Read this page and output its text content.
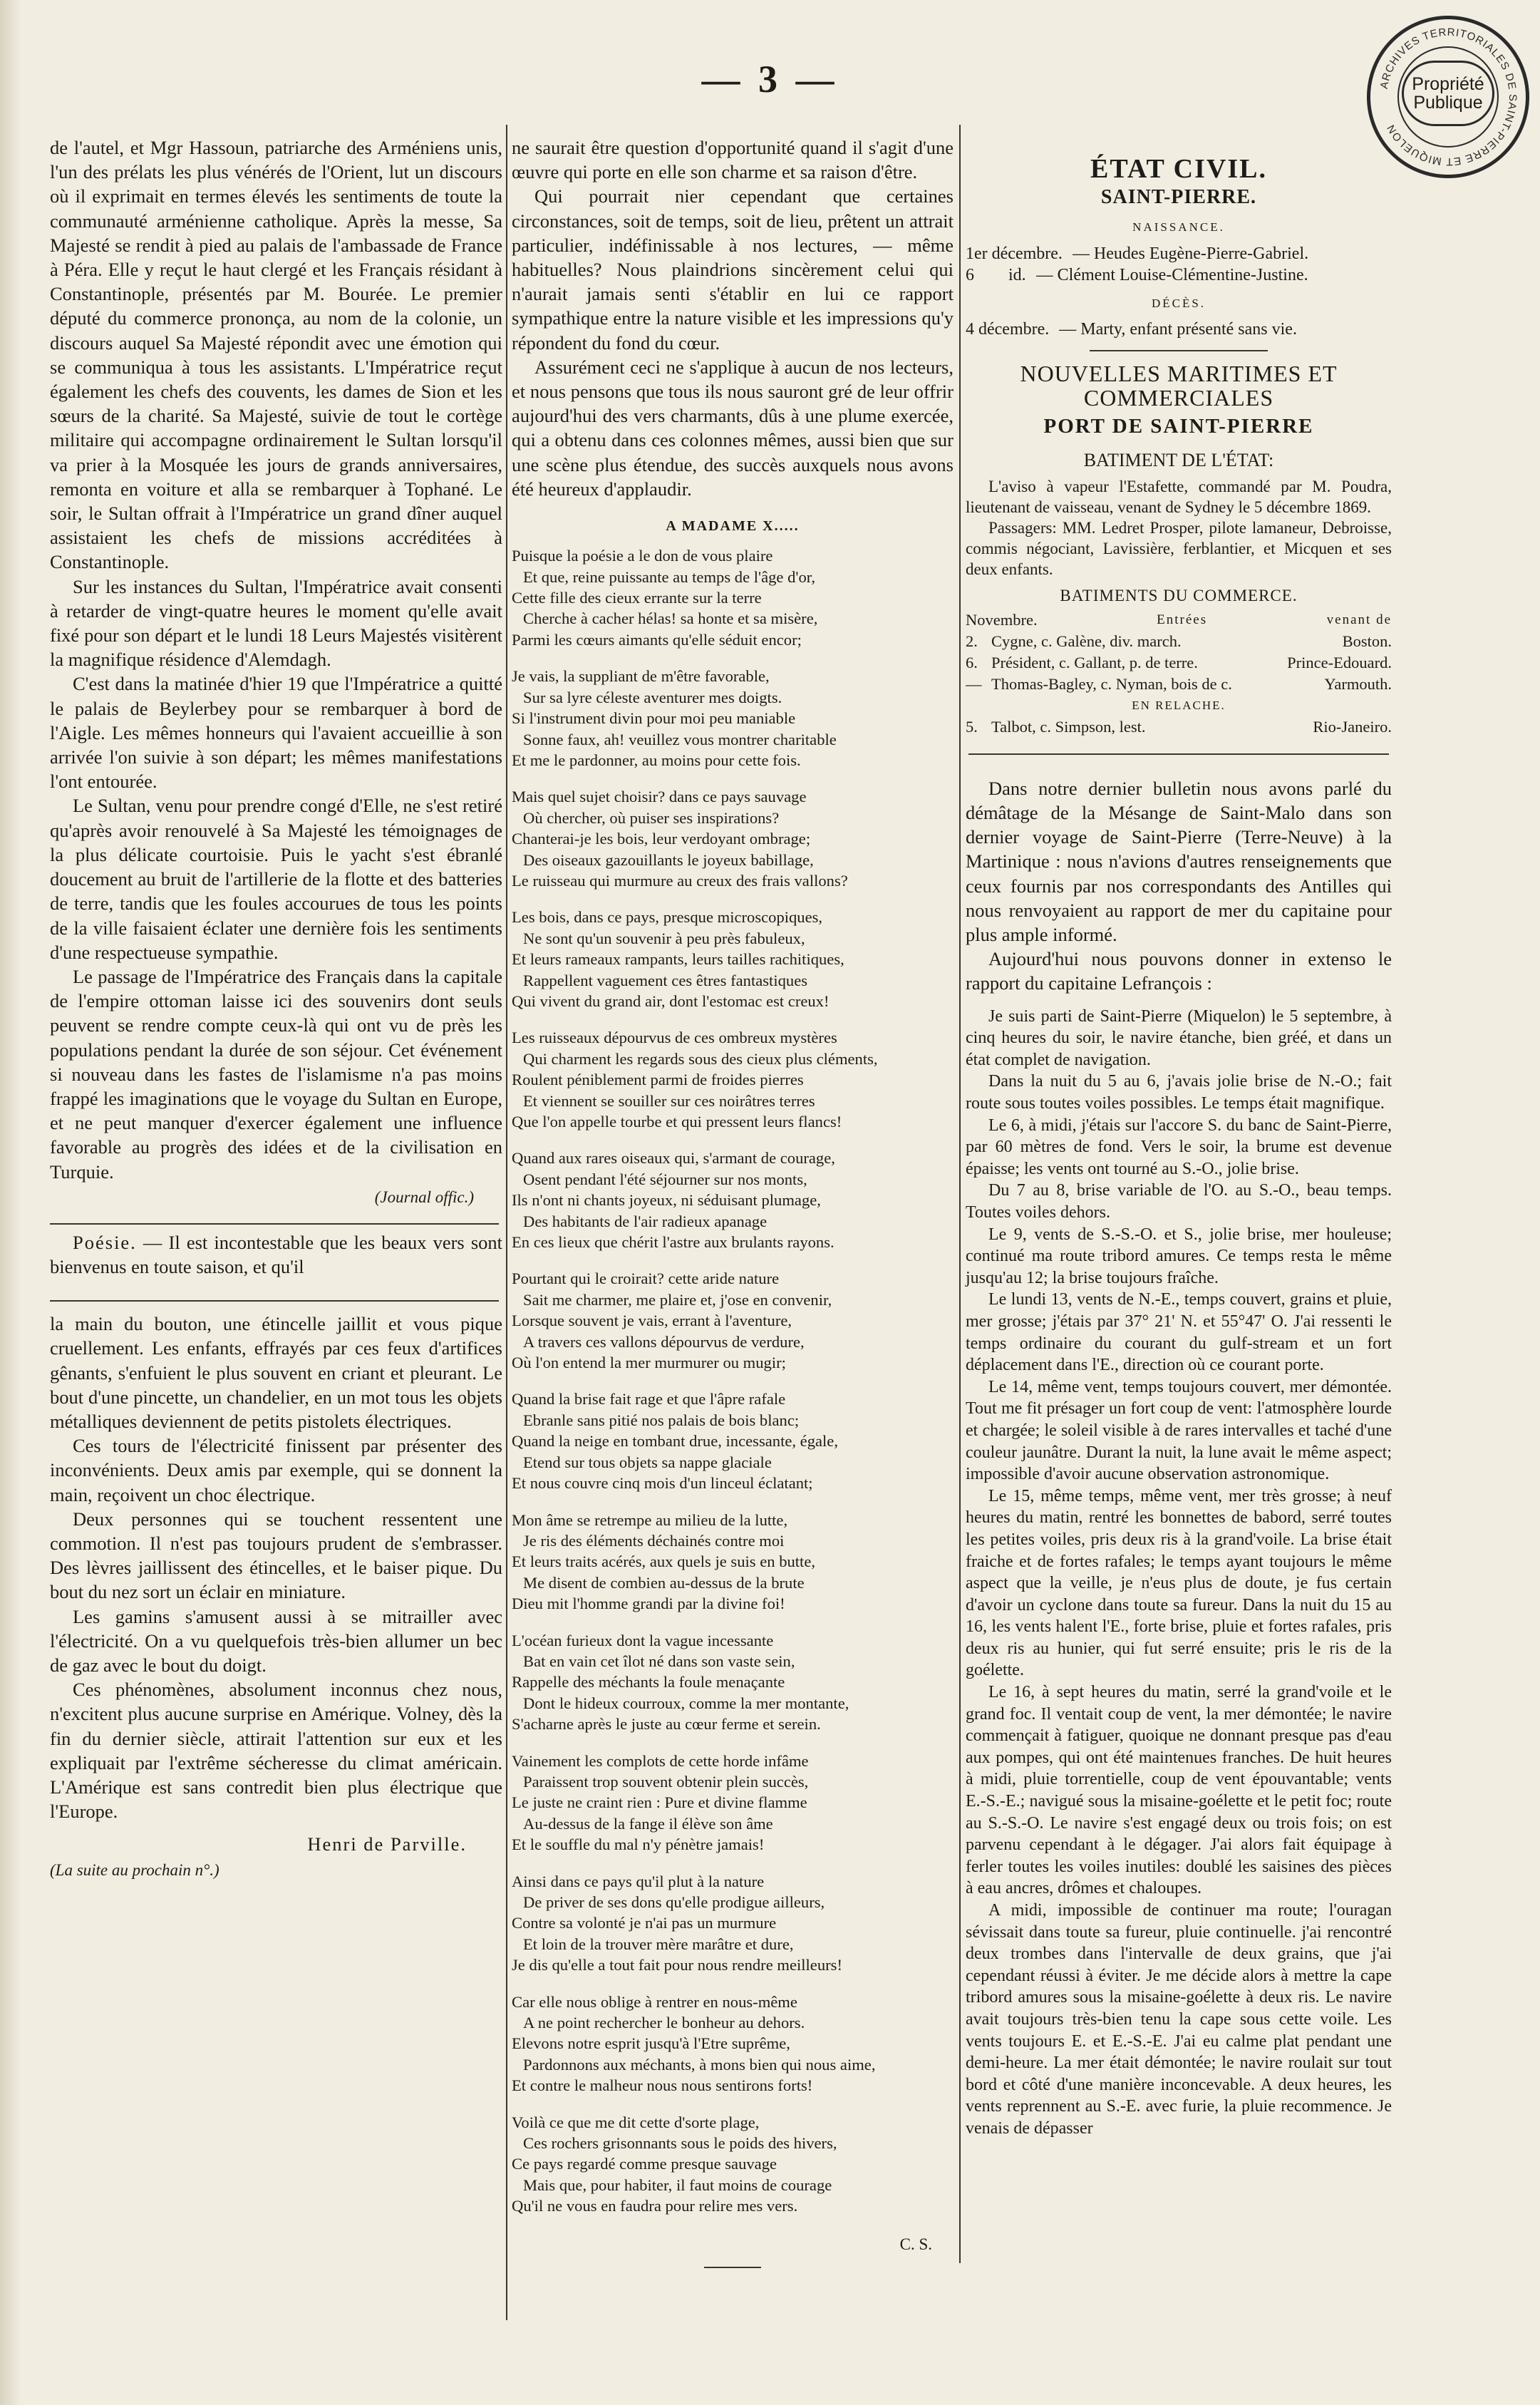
— 3 —	ARCHIVES TERRITORIALES DE SAINT-PIERRE ET MIQUELON
Propriété
Publique

de l'autel, et Mgr Hassoun, patriarche des Arméniens unis, l'un des prélats les plus vénérés de l'Orient, lut un discours où il exprimait en termes élevés les sentiments de toute la communauté arménienne catholique. Après la messe, Sa Majesté se rendit à pied au palais de l'ambassade de France à Péra. Elle y reçut le haut clergé et les Français résidant à Constantinople, présentés par M. Bourée. Le premier député du commerce prononça, au nom de la colonie, un discours auquel Sa Majesté répondit avec une émotion qui se communiqua à tous les assistants. L'Impératrice reçut également les chefs des couvents, les dames de Sion et les sœurs de la charité. Sa Majesté, suivie de tout le cortège militaire qui accompagne ordinairement le Sultan lorsqu'il va prier à la Mosquée les jours de grands anniversaires, remonta en voiture et alla se rembarquer à Tophané. Le soir, le Sultan offrait à l'Impératrice un grand dîner auquel assistaient les chefs de missions accréditées à Constantinople.

Sur les instances du Sultan, l'Impératrice avait consenti à retarder de vingt-quatre heures le moment qu'elle avait fixé pour son départ et le lundi 18 Leurs Majestés visitèrent la magnifique résidence d'Alemdagh.

C'est dans la matinée d'hier 19 que l'Impératrice a quitté le palais de Beylerbey pour se rembarquer à bord de l'Aigle. Les mêmes honneurs qui l'avaient accueillie à son arrivée l'on suivie à son départ; les mêmes manifestations l'ont entourée.

Le Sultan, venu pour prendre congé d'Elle, ne s'est retiré qu'après avoir renouvelé à Sa Majesté les témoignages de la plus délicate courtoisie. Puis le yacht s'est ébranlé doucement au bruit de l'artillerie de la flotte et des batteries de terre, tandis que les foules accourues de tous les points de la ville faisaient éclater une dernière fois les sentiments d'une respectueuse sympathie.

Le passage de l'Impératrice des Français dans la capitale de l'empire ottoman laisse ici des souvenirs dont seuls peuvent se rendre compte ceux-là qui ont vu de près les populations pendant la durée de son séjour. Cet événement si nouveau dans les fastes de l'islamisme n'a pas moins frappé les imaginations que le voyage du Sultan en Europe, et ne peut manquer d'exercer également une influence favorable au progrès des idées et de la civilisation en Turquie.

(Journal offic.)

Poésie. — Il est incontestable que les beaux vers sont bienvenus en toute saison, et qu'il

la main du bouton, une étincelle jaillit et vous pique cruellement. Les enfants, effrayés par ces feux d'artifices gênants, s'enfuient le plus souvent en criant et pleurant. Le bout d'une pincette, un chandelier, en un mot tous les objets métalliques deviennent de petits pistolets électriques.

Ces tours de l'électricité finissent par présenter des inconvénients. Deux amis par exemple, qui se donnent la main, reçoivent un choc électrique.

Deux personnes qui se touchent ressentent une commotion. Il n'est pas toujours prudent de s'embrasser. Des lèvres jaillissent des étincelles, et le baiser pique. Du bout du nez sort un éclair en miniature.

Les gamins s'amusent aussi à se mitrailler avec l'électricité. On a vu quelquefois très-bien allumer un bec de gaz avec le bout du doigt.

Ces phénomènes, absolument inconnus chez nous, n'excitent plus aucune surprise en Amérique. Volney, dès la fin du dernier siècle, attirait l'attention sur eux et les expliquait par l'extrême sécheresse du climat américain. L'Amérique est sans contredit bien plus électrique que l'Europe.

Henri de Parville.
(La suite au prochain n°.)

ne saurait être question d'opportunité quand il s'agit d'une œuvre qui porte en elle son charme et sa raison d'être.

Qui pourrait nier cependant que certaines circonstances, soit de temps, soit de lieu, prêtent un attrait particulier, indéfinissable à nos lectures, — même habituelles? Nous plaindrions sincèrement celui qui n'aurait jamais senti s'établir en lui ce rapport sympathique entre la nature visible et les impressions qu'y répondent du fond du cœur.

Assurément ceci ne s'applique à aucun de nos lecteurs, et nous pensons que tous ils nous sauront gré de leur offrir aujourd'hui des vers charmants, dûs à une plume exercée, qui a obtenu dans ces colonnes mêmes, aussi bien que sur une scène plus étendue, des succès auxquels nous avons été heureux d'applaudir.

A MADAME X.....
Puisque la poésie a le don de vous plaire
Et que, reine puissante au temps de l'âge d'or,
Cette fille des cieux errante sur la terre
Cherche à cacher hélas! sa honte et sa misère,
Parmi les cœurs aimants qu'elle séduit encor;
Je vais, la suppliant de m'être favorable,
Sur sa lyre céleste aventurer mes doigts.
Si l'instrument divin pour moi peu maniable
Sonne faux, ah! veuillez vous montrer charitable
Et me le pardonner, au moins pour cette fois.
Mais quel sujet choisir? dans ce pays sauvage
Où chercher, où puiser ses inspirations?
Chanterai-je les bois, leur verdoyant ombrage;
Des oiseaux gazouillants le joyeux babillage,
Le ruisseau qui murmure au creux des frais vallons?
Les bois, dans ce pays, presque microscopiques,
Ne sont qu'un souvenir à peu près fabuleux,
Et leurs rameaux rampants, leurs tailles rachitiques,
Rappellent vaguement ces êtres fantastiques
Qui vivent du grand air, dont l'estomac est creux!
Les ruisseaux dépourvus de ces ombreux mystères
Qui charment les regards sous des cieux plus cléments,
Roulent péniblement parmi de froides pierres
Et viennent se souiller sur ces noirâtres terres
Que l'on appelle tourbe et qui pressent leurs flancs!
Quand aux rares oiseaux qui, s'armant de courage,
Osent pendant l'été séjourner sur nos monts,
Ils n'ont ni chants joyeux, ni séduisant plumage,
Des habitants de l'air radieux apanage
En ces lieux que chérit l'astre aux brulants rayons.
Pourtant qui le croirait? cette aride nature
Sait me charmer, me plaire et, j'ose en convenir,
Lorsque souvent je vais, errant à l'aventure,
A travers ces vallons dépourvus de verdure,
Où l'on entend la mer murmurer ou mugir;
Quand la brise fait rage et que l'âpre rafale
Ebranle sans pitié nos palais de bois blanc;
Quand la neige en tombant drue, incessante, égale,
Etend sur tous objets sa nappe glaciale
Et nous couvre cinq mois d'un linceul éclatant;
Mon âme se retrempe au milieu de la lutte,
Je ris des éléments déchainés contre moi
Et leurs traits acérés, aux quels je suis en butte,
Me disent de combien au-dessus de la brute
Dieu mit l'homme grandi par la divine foi!
L'océan furieux dont la vague incessante
Bat en vain cet îlot né dans son vaste sein,
Rappelle des méchants la foule menaçante
Dont le hideux courroux, comme la mer montante,
S'acharne après le juste au cœur ferme et serein.
Vainement les complots de cette horde infâme
Paraissent trop souvent obtenir plein succès,
Le juste ne craint rien : Pure et divine flamme
Au-dessus de la fange il élève son âme
Et le souffle du mal n'y pénètre jamais!
Ainsi dans ce pays qu'il plut à la nature
De priver de ses dons qu'elle prodigue ailleurs,
Contre sa volonté je n'ai pas un murmure
Et loin de la trouver mère marâtre et dure,
Je dis qu'elle a tout fait pour nous rendre meilleurs!
Car elle nous oblige à rentrer en nous-même
A ne point rechercher le bonheur au dehors.
Elevons notre esprit jusqu'à l'Etre suprême,
Pardonnons aux méchants, à mons bien qui nous aime,
Et contre le malheur nous nous sentirons forts!
Voilà ce que me dit cette d'sorte plage,
Ces rochers grisonnants sous le poids des hivers,
Ce pays regardé comme presque sauvage
Mais que, pour habiter, il faut moins de courage
Qu'il ne vous en faudra pour relire mes vers.
C. S.
ÉTAT CIVIL.
SAINT-PIERRE.
NAISSANCE.
1er décembre. — Heudes Eugène-Pierre-Gabriel.
6        id. — Clément Louise-Clémentine-Justine.
DÉCÈS.
4 décembre. — Marty, enfant présenté sans vie.
NOUVELLES MARITIMES ET COMMERCIALES
PORT DE SAINT-PIERRE
BATIMENT DE L'ÉTAT:

L'aviso à vapeur l'Estafette, commandé par M. Poudra, lieutenant de vaisseau, venant de Sydney le 5 décembre 1869.

Passagers: MM. Ledret Prosper, pilote lamaneur, Debroisse, commis négociant, Lavissière, ferblantier, et Micquen et ses deux enfants.

BATIMENTS DU COMMERCE.
Novembre.	Entrées	venant de
2. Cygne, c. Galène, div. march.	Boston.
6. Président, c. Gallant, p. de terre.	Prince-Edouard.
— Thomas-Bagley, c. Nyman, bois de c.	Yarmouth.
EN RELACHE.
5. Talbot, c. Simpson, lest.	Rio-Janeiro.

Dans notre dernier bulletin nous avons parlé du démâtage de la Mésange de Saint-Malo dans son dernier voyage de Saint-Pierre (Terre-Neuve) à la Martinique : nous n'avions d'autres renseignements que ceux fournis par nos correspondants des Antilles qui nous renvoyaient au rapport de mer du capitaine pour plus ample informé.

Aujourd'hui nous pouvons donner in extenso le rapport du capitaine Lefrançois :

Je suis parti de Saint-Pierre (Miquelon) le 5 septembre, à cinq heures du soir, le navire étanche, bien gréé, et dans un état complet de navigation.

Dans la nuit du 5 au 6, j'avais jolie brise de N.-O.; fait route sous toutes voiles possibles. Le temps était magnifique.

Le 6, à midi, j'étais sur l'accore S. du banc de Saint-Pierre, par 60 mètres de fond. Vers le soir, la brume est devenue épaisse; les vents ont tourné au S.-O., jolie brise.

Du 7 au 8, brise variable de l'O. au S.-O., beau temps. Toutes voiles dehors.

Le 9, vents de S.-S.-O. et S., jolie brise, mer houleuse; continué ma route tribord amures. Ce temps resta le même jusqu'au 12; la brise toujours fraîche.

Le lundi 13, vents de N.-E., temps couvert, grains et pluie, mer grosse; j'étais par 37° 21' N. et 55°47' O. J'ai ressenti le temps ordinaire du courant du gulf-stream et un fort déplacement dans l'E., direction où ce courant porte.

Le 14, même vent, temps toujours couvert, mer démontée. Tout me fit présager un fort coup de vent: l'atmosphère lourde et chargée; le soleil visible à de rares intervalles et taché d'une couleur jaunâtre. Durant la nuit, la lune avait le même aspect; impossible d'avoir aucune observation astronomique.

Le 15, même temps, même vent, mer très grosse; à neuf heures du matin, rentré les bonnettes de babord, serré toutes les petites voiles, pris deux ris à la grand'voile. La brise était fraiche et de fortes rafales; le temps ayant toujours le même aspect que la veille, je n'eus plus de doute, je fus certain d'avoir un cyclone dans toute sa fureur. Dans la nuit du 15 au 16, les vents halent l'E., forte brise, pluie et fortes rafales, pris deux ris au hunier, qui fut serré ensuite; pris le ris de la goélette.

Le 16, à sept heures du matin, serré la grand'voile et le grand foc. Il ventait coup de vent, la mer démontée; le navire commençait à fatiguer, quoique ne donnant presque pas d'eau aux pompes, qui ont été maintenues franches. De huit heures à midi, pluie torrentielle, coup de vent épouvantable; vents E.-S.-E.; navigué sous la misaine-goélette et le petit foc; route au S.-S.-O. Le navire s'est engagé deux ou trois fois; on est parvenu cependant à le dégager. J'ai alors fait équipage à ferler toutes les voiles inutiles: doublé les saisines des pièces à eau ancres, drômes et chaloupes.

A midi, impossible de continuer ma route; l'ouragan sévissait dans toute sa fureur, pluie continuelle. j'ai rencontré deux trombes dans l'intervalle de deux grains, que j'ai cependant réussi à éviter. Je me décide alors à mettre la cape tribord amures sous la misaine-goélette à deux ris. Le navire avait toujours très-bien tenu la cape sous cette voile. Les vents toujours E. et E.-S.-E. J'ai eu calme plat pendant une demi-heure. La mer était démontée; le navire roulait sur tout bord et côté d'une manière inconcevable. A deux heures, les vents reprennent au S.-E. avec furie, la pluie recommence. Je venais de dépasser
